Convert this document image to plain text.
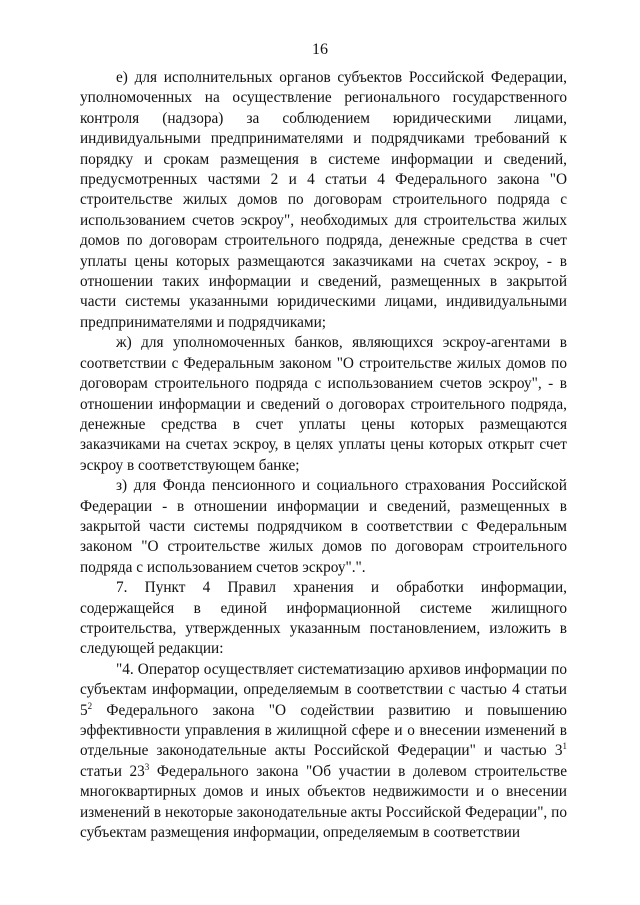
16

е) для исполнительных органов субъектов Российской Федерации, уполномоченных на осуществление регионального государственного контроля (надзора) за соблюдением юридическими лицами, индивидуальными предпринимателями и подрядчиками требований к порядку и срокам размещения в системе информации и сведений, предусмотренных частями 2 и 4 статьи 4 Федерального закона "О строительстве жилых домов по договорам строительного подряда с использованием счетов эскроу", необходимых для строительства жилых домов по договорам строительного подряда, денежные средства в счет уплаты цены которых размещаются заказчиками на счетах эскроу, - в отношении таких информации и сведений, размещенных в закрытой части системы указанными юридическими лицами, индивидуальными предпринимателями и подрядчиками;

ж) для уполномоченных банков, являющихся эскроу-агентами в соответствии с Федеральным законом "О строительстве жилых домов по договорам строительного подряда с использованием счетов эскроу", - в отношении информации и сведений о договорах строительного подряда, денежные средства в счет уплаты цены которых размещаются заказчиками на счетах эскроу, в целях уплаты цены которых открыт счет эскроу в соответствующем банке;

з) для Фонда пенсионного и социального страхования Российской Федерации - в отношении информации и сведений, размещенных в закрытой части системы подрядчиком в соответствии с Федеральным законом "О строительстве жилых домов по договорам строительного подряда с использованием счетов эскроу".".

7. Пункт 4 Правил хранения и обработки информации, содержащейся в единой информационной системе жилищного строительства, утвержденных указанным постановлением, изложить в следующей редакции:

"4. Оператор осуществляет систематизацию архивов информации по субъектам информации, определяемым в соответствии с частью 4 статьи $5^2$ Федерального закона "О содействии развитию и повышению эффективности управления в жилищной сфере и о внесении изменений в отдельные законодательные акты Российской Федерации" и частью $3^1$ статьи $23^3$ Федерального закона "Об участии в долевом строительстве многоквартирных домов и иных объектов недвижимости и о внесении изменений в некоторые законодательные акты Российской Федерации", по субъектам размещения информации, определяемым в соответствии
